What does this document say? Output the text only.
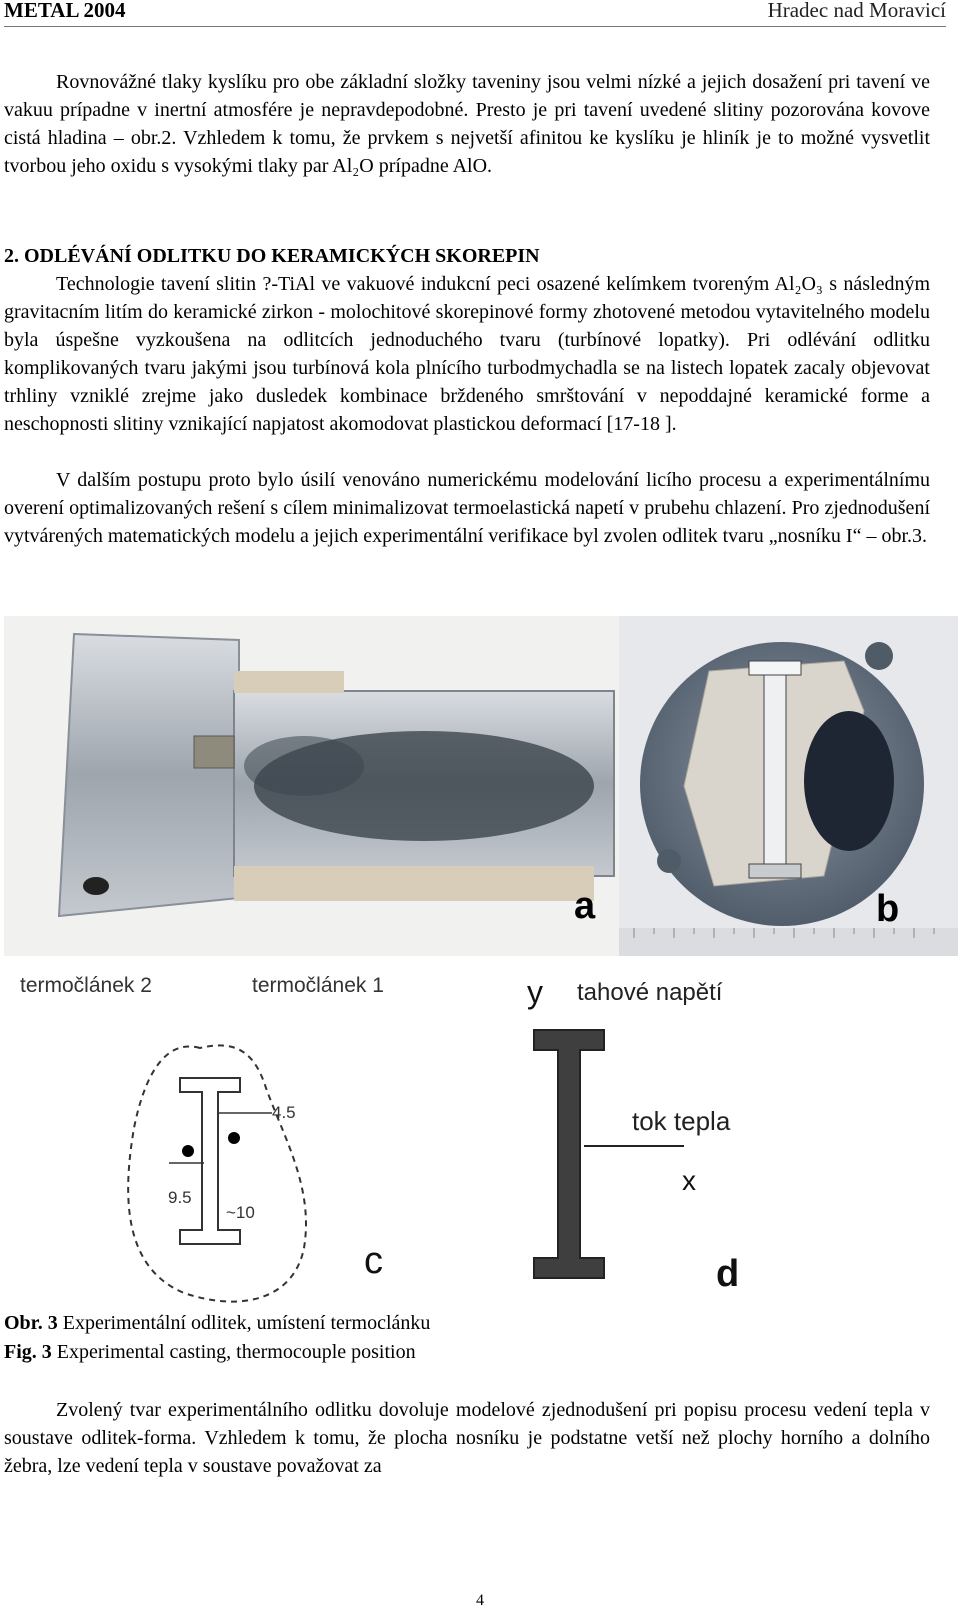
METAL 2004	Hradec nad Moravicí

Rovnovážné tlaky kyslíku pro obe základní složky taveniny jsou velmi nízké a jejich dosažení pri tavení ve vakuu prípadne v inertní atmosfére je nepravdepodobné. Presto je pri tavení uvedené slitiny pozorována kovove cistá hladina – obr.2. Vzhledem k tomu, že prvkem s nejvetší afinitou ke kyslíku je hliník je to možné vysvetlit tvorbou jeho oxidu s vysokými tlaky par Al₂O prípadne AlO.

2. ODLÉVÁNÍ ODLITKU DO KERAMICKÝCH SKOREPIN

Technologie tavení slitin ?-TiAl ve vakuové indukcní peci osazené kelímkem tvoreným Al₂O₃ s následným gravitacním litím do keramické zirkon - molochitové skorepinové formy zhotovené metodou vytavitelného modelu byla úspešne vyzkoušena na odlitcích jednoduchého tvaru (turbínové lopatky). Pri odlévání odlitku komplikovaných tvaru jakými jsou turbínová kola plnícího turbodmychadla se na listech lopatek zacaly objevovat trhliny vzniklé zrejme jako dusledek kombinace brždeného smrštování v nepoddajné keramické forme a neschopnosti slitiny vznikající napjatost akomodovat plastickou deformací [17-18 ].

V dalším postupu proto bylo úsilí venováno numerickému modelování licího procesu a experimentálnímu overení optimalizovaných rešení s cílem minimalizovat termoelastická napetí v prubehu chlazení. Pro zjednodušení vytvárených matematických modelu a jejich experimentální verifikace byl zvolen odlitek tvaru „nosníku I“ – obr.3.

a	b
termočlánek 2	termočlánek 1
4.5
9.5
~10
c
y tahové napětí
tok tepla
x
d
Obr. 3 Experimentální odlitek, umístení termoclánku
Fig. 3 Experimental casting, thermocouple position

Zvolený tvar experimentálního odlitku dovoluje modelové zjednodušení pri popisu procesu vedení tepla v soustave odlitek-forma. Vzhledem k tomu, že plocha nosníku je podstatne vetší než plochy horního a dolního žebra, lze vedení tepla v soustave považovat za

4
